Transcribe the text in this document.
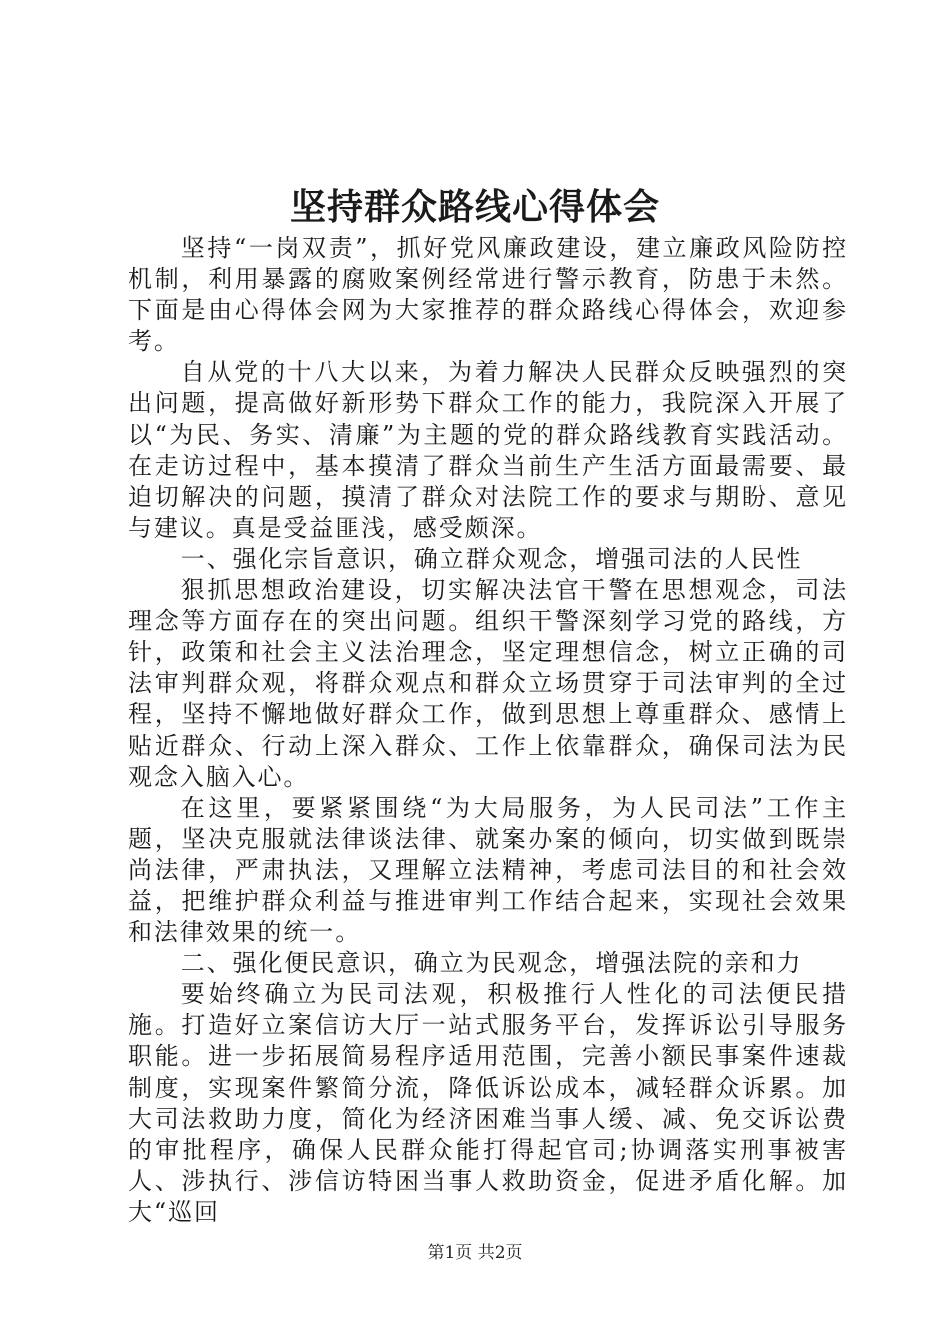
坚持群众路线心得体会

坚持“一岗双责”，抓好党风廉政建设，建立廉政风险防控机制，利用暴露的腐败案例经常进行警示教育，防患于未然。下面是由心得体会网为大家推荐的群众路线心得体会，欢迎参考。

自从党的十八大以来，为着力解决人民群众反映强烈的突出问题，提高做好新形势下群众工作的能力，我院深入开展了以“为民、务实、清廉”为主题的党的群众路线教育实践活动。在走访过程中，基本摸清了群众当前生产生活方面最需要、最迫切解决的问题，摸清了群众对法院工作的要求与期盼、意见与建议。真是受益匪浅，感受颇深。

一、强化宗旨意识，确立群众观念，增强司法的人民性

狠抓思想政治建设，切实解决法官干警在思想观念，司法理念等方面存在的突出问题。组织干警深刻学习党的路线，方针，政策和社会主义法治理念，坚定理想信念，树立正确的司法审判群众观，将群众观点和群众立场贯穿于司法审判的全过程，坚持不懈地做好群众工作，做到思想上尊重群众、感情上贴近群众、行动上深入群众、工作上依靠群众，确保司法为民观念入脑入心。

在这里，要紧紧围绕“为大局服务，为人民司法”工作主题，坚决克服就法律谈法律、就案办案的倾向，切实做到既崇尚法律，严肃执法，又理解立法精神，考虑司法目的和社会效益，把维护群众利益与推进审判工作结合起来，实现社会效果和法律效果的统一。

二、强化便民意识，确立为民观念，增强法院的亲和力

要始终确立为民司法观，积极推行人性化的司法便民措施。打造好立案信访大厅一站式服务平台，发挥诉讼引导服务职能。进一步拓展简易程序适用范围，完善小额民事案件速裁制度，实现案件繁简分流，降低诉讼成本，减轻群众诉累。加大司法救助力度，简化为经济困难当事人缓、减、免交诉讼费的审批程序，确保人民群众能打得起官司;协调落实刑事被害人、涉执行、涉信访特困当事人救助资金，促进矛盾化解。加大“巡回

第1页 共2页
